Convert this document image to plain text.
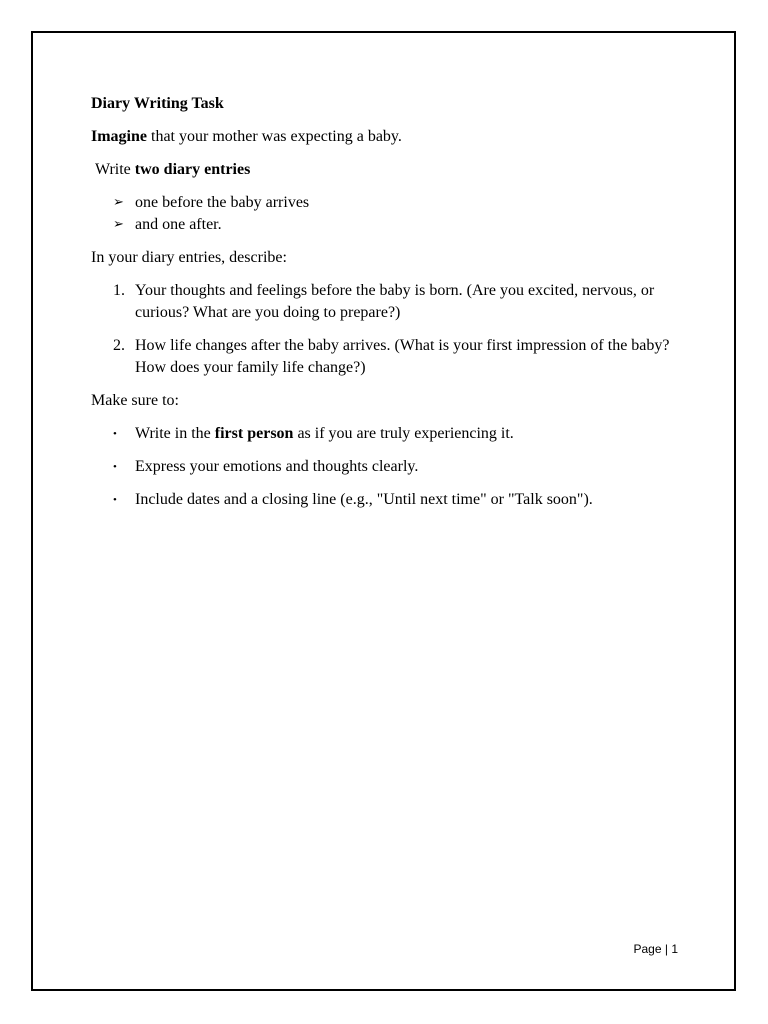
Diary Writing Task

Imagine that your mother was expecting a baby.

Write two diary entries

➢ one before the baby arrives
➢ and one after.

In your diary entries, describe:

1. Your thoughts and feelings before the baby is born. (Are you excited, nervous, or curious? What are you doing to prepare?)
2. How life changes after the baby arrives. (What is your first impression of the baby? How does your family life change?)

Make sure to:

• Write in the first person as if you are truly experiencing it.
• Express your emotions and thoughts clearly.
• Include dates and a closing line (e.g., "Until next time" or "Talk soon").
Page | 1
